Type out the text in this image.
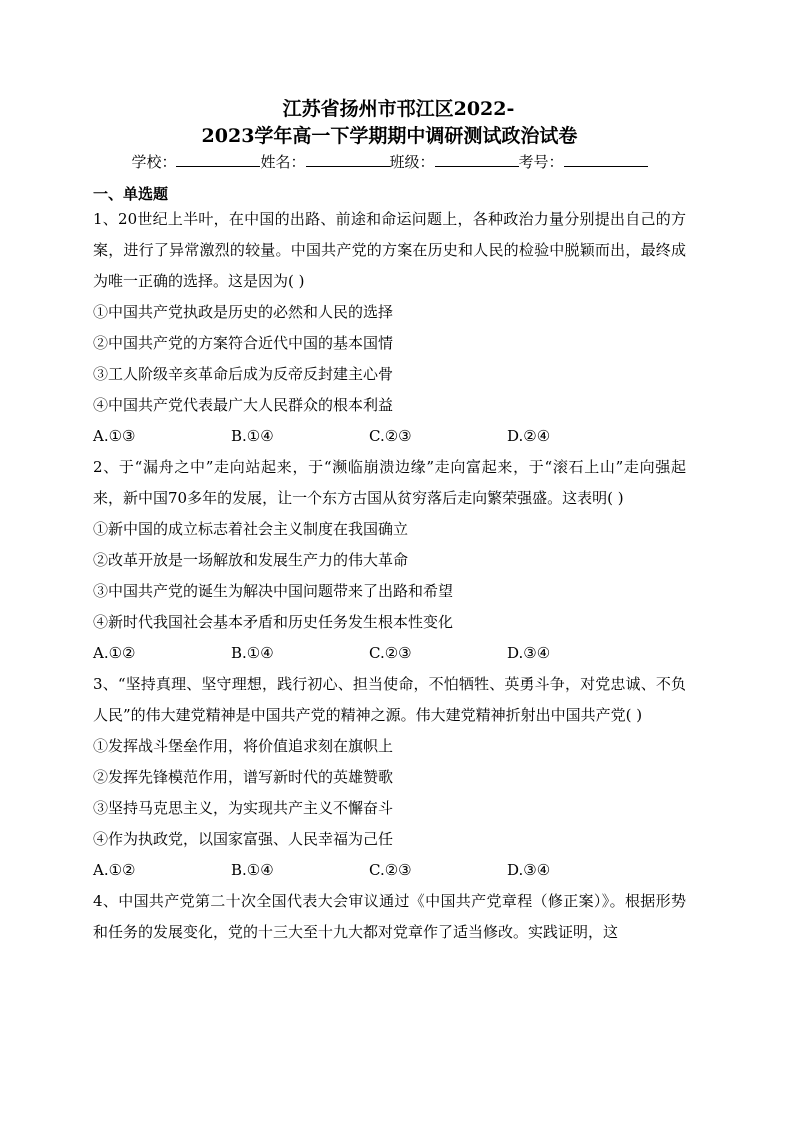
江苏省扬州市邗江区2022-
2023学年高一下学期期中调研测试政治试卷
学校：	姓名：	班级：	考号：
一、单选题

1、20世纪上半叶，在中国的出路、前途和命运问题上，各种政治力量分别提出自己的方案，进行了异常激烈的较量。中国共产党的方案在历史和人民的检验中脱颖而出，最终成为唯一正确的选择。这是因为( )

①中国共产党执政是历史的必然和人民的选择

②中国共产党的方案符合近代中国的基本国情

③工人阶级辛亥革命后成为反帝反封建主心骨

④中国共产党代表最广大人民群众的根本利益

A.①③	B.①④	C.②③	D.②④

2、于“漏舟之中”走向站起来，于“濒临崩溃边缘”走向富起来，于“滚石上山”走向强起来，新中国70多年的发展，让一个东方古国从贫穷落后走向繁荣强盛。这表明( )

①新中国的成立标志着社会主义制度在我国确立

②改革开放是一场解放和发展生产力的伟大革命

③中国共产党的诞生为解决中国问题带来了出路和希望

④新时代我国社会基本矛盾和历史任务发生根本性变化

A.①②	B.①④	C.②③	D.③④

3、“坚持真理、坚守理想，践行初心、担当使命，不怕牺牲、英勇斗争，对党忠诚、不负人民”的伟大建党精神是中国共产党的精神之源。伟大建党精神折射出中国共产党( )

①发挥战斗堡垒作用，将价值追求刻在旗帜上

②发挥先锋模范作用，谱写新时代的英雄赞歌

③坚持马克思主义，为实现共产主义不懈奋斗

④作为执政党，以国家富强、人民幸福为己任

A.①②	B.①④	C.②③	D.③④

4、中国共产党第二十次全国代表大会审议通过《中国共产党章程（修正案）》。根据形势和任务的发展变化，党的十三大至十九大都对党章作了适当修改。实践证明，这
